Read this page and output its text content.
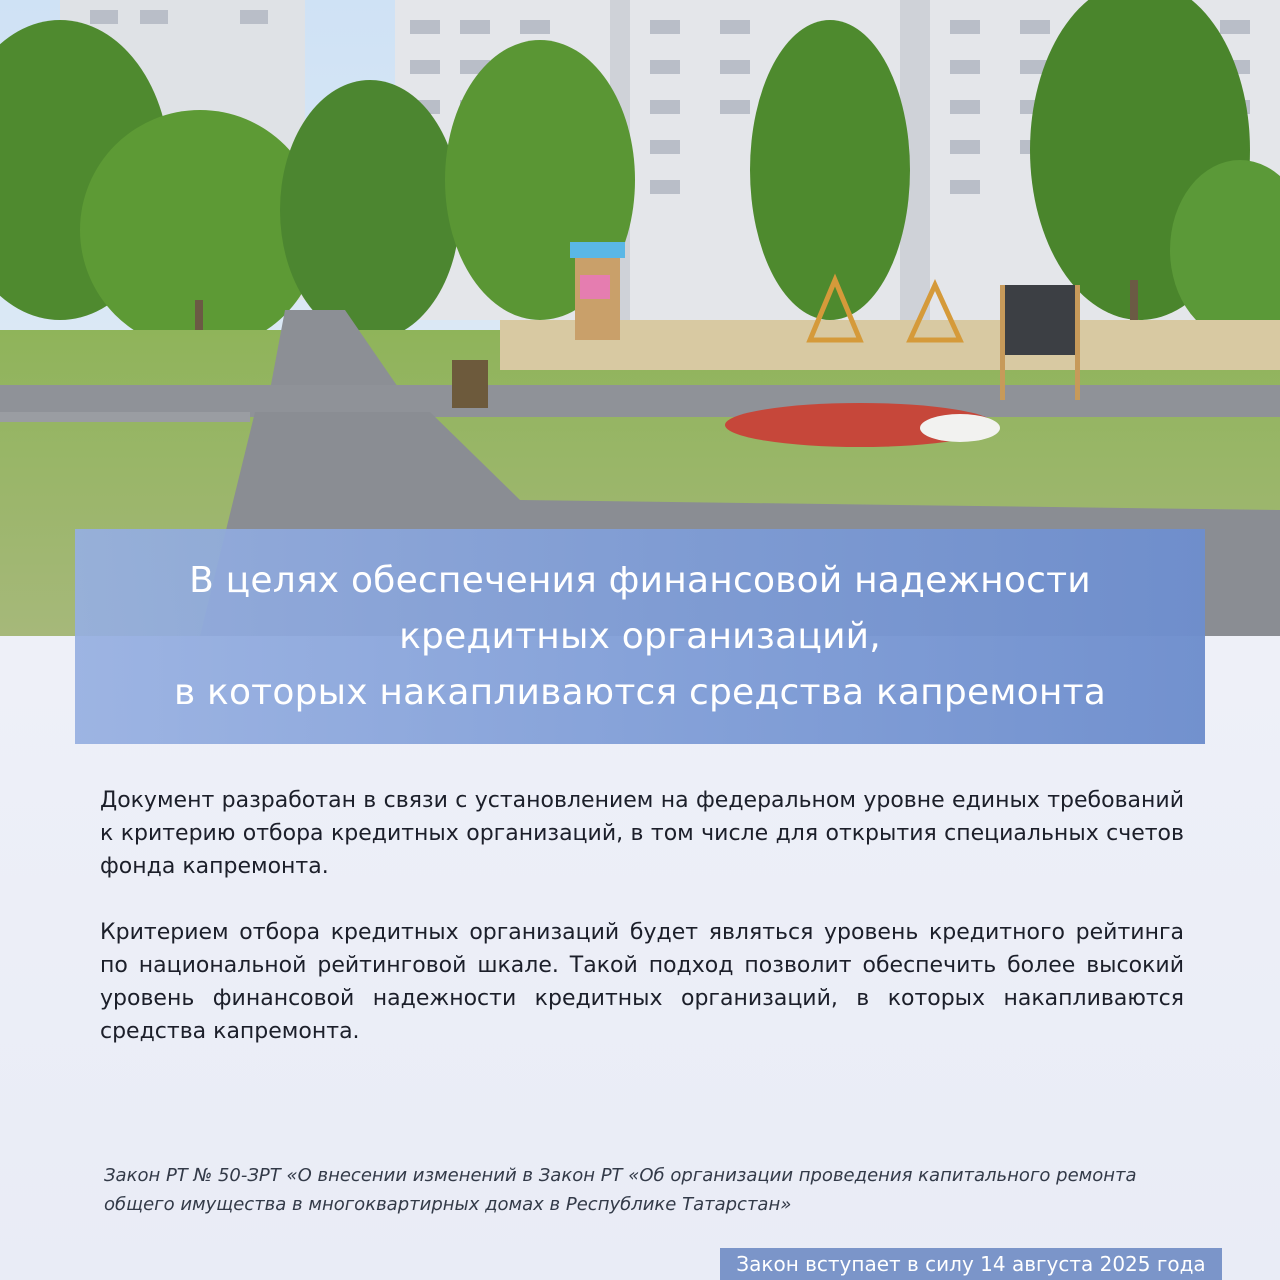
В целях обеспечения финансовой надежности
кредитных организаций,
в которых накапливаются средства капремонта

Документ разработан в связи с установлением на федеральном уровне единых требований к критерию отбора кредитных организаций, в том числе для открытия специальных счетов фонда капремонта.

Критерием отбора кредитных организаций будет являться уровень кредитного рейтинга по национальной рейтинговой шкале. Такой подход позволит обеспечить более высокий уровень финансовой надежности кредитных организаций, в которых накапливаются средства капремонта.

Закон РТ № 50-ЗРТ «О внесении изменений в Закон РТ «Об организации проведения капитального ремонта общего имущества в многоквартирных домах в Республике Татарстан»
Закон вступает в силу 14 августа 2025 года
